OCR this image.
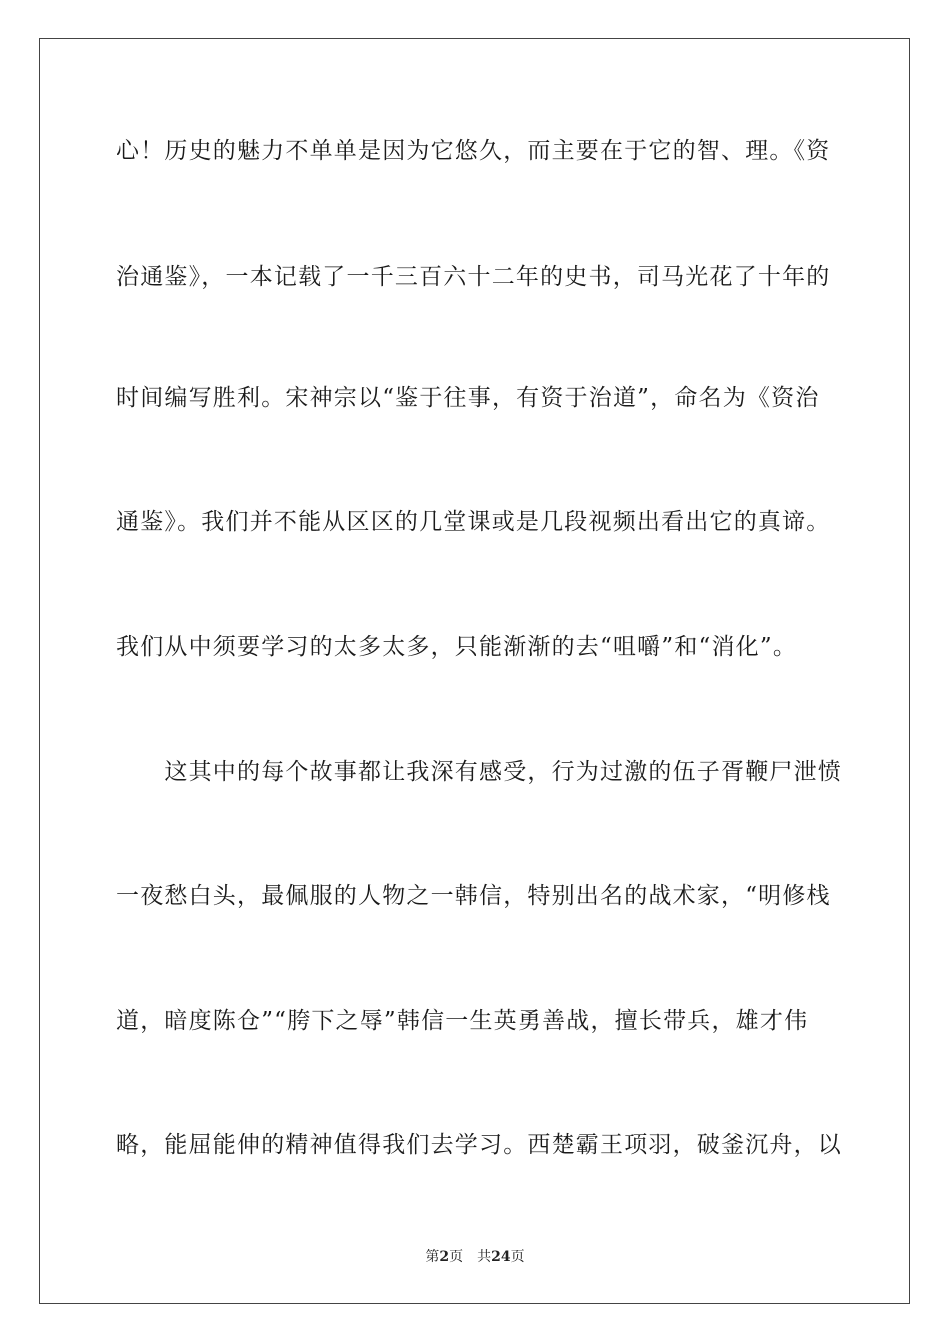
心！历史的魅力不单单是因为它悠久，而主要在于它的智、理。《资
治通鉴》，一本记载了一千三百六十二年的史书，司马光花了十年的
时间编写胜利。宋神宗以“鉴于往事，有资于治道”，命名为《资治
通鉴》。我们并不能从区区的几堂课或是几段视频出看出它的真谛。
我们从中须要学习的太多太多，只能渐渐的去“咀嚼”和“消化”。
　　这其中的每个故事都让我深有感受，行为过激的伍子胥鞭尸泄愤
一夜愁白头，最佩服的人物之一韩信，特别出名的战术家，“明修栈
道，暗度陈仓”“胯下之辱”韩信一生英勇善战，擅长带兵，雄才伟
略，能屈能伸的精神值得我们去学习。西楚霸王项羽，破釜沉舟，以
第2页 共24页
